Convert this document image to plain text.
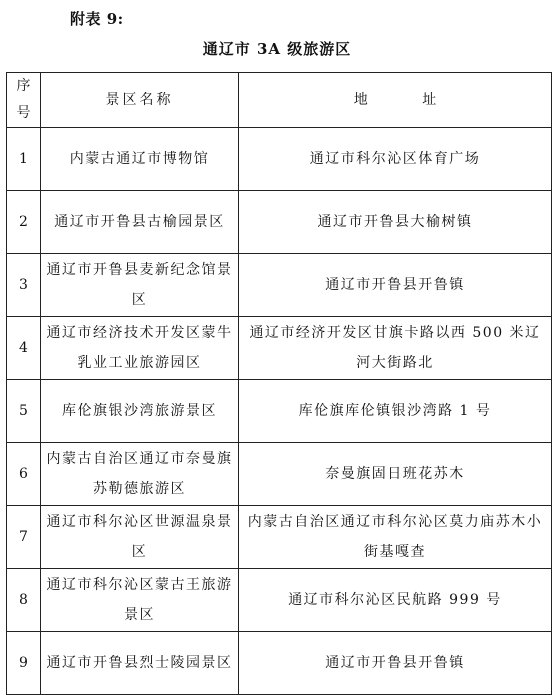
附表 9:
通辽市 3A 级旅游区
序号	景区名称	地 址
1	内蒙古通辽市博物馆	通辽市科尔沁区体育广场
2	通辽市开鲁县古榆园景区	通辽市开鲁县大榆树镇
3	通辽市开鲁县麦新纪念馆景区	通辽市开鲁县开鲁镇
4	通辽市经济技术开发区蒙牛乳业工业旅游园区	通辽市经济开发区甘旗卡路以西 500 米辽河大街路北
5	库伦旗银沙湾旅游景区	库伦旗库伦镇银沙湾路 1 号
6	内蒙古自治区通辽市奈曼旗苏勒德旅游区	奈曼旗固日班花苏木
7	通辽市科尔沁区世源温泉景区	内蒙古自治区通辽市科尔沁区莫力庙苏木小街基嘎查
8	通辽市科尔沁区蒙古王旅游景区	通辽市科尔沁区民航路 999 号
9	通辽市开鲁县烈士陵园景区	通辽市开鲁县开鲁镇
